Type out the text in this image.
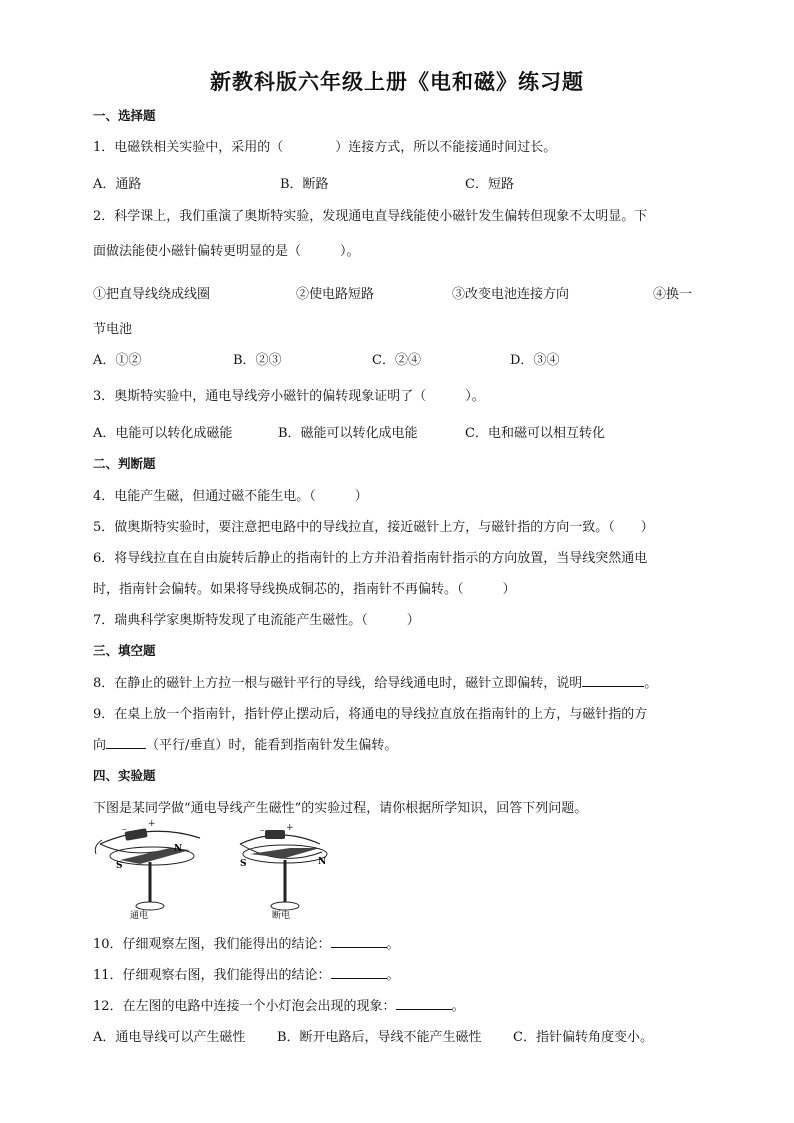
新教科版六年级上册《电和磁》练习题
一、选择题
1．电磁铁相关实验中，采用的（	）连接方式，所以不能接通时间过长。
A．通路	B．断路	C．短路
2．科学课上，我们重演了奥斯特实验，发现通电直导线能使小磁针发生偏转但现象不太明显。下
面做法能使小磁针偏转更明显的是（　　　）。
①把直导线绕成线圈	②使电路短路	③改变电池连接方向	④换一
节电池
A．①②	B．②③	C．②④	D．③④
3．奥斯特实验中，通电导线旁小磁针的偏转现象证明了（　　　）。
A．电能可以转化成磁能	B．磁能可以转化成电能	C．电和磁可以相互转化
二、判断题
4．电能产生磁，但通过磁不能生电。（　　　）
5．做奥斯特实验时，要注意把电路中的导线拉直，接近磁针上方，与磁针指的方向一致。（　　）
6．将导线拉直在自由旋转后静止的指南针的上方并沿着指南针指示的方向放置，当导线突然通电
时，指南针会偏转。如果将导线换成铜芯的，指南针不再偏转。（　　　）
7．瑞典科学家奥斯特发现了电流能产生磁性。（　　　）
三、填空题
8．在静止的磁针上方拉一根与磁针平行的导线，给导线通电时，磁针立即偏转，说明	。
9．在桌上放一个指南针，指针停止摆动后，将通电的导线拉直放在指南针的上方，与磁针指的方
向	（平行/垂直）时，能看到指南针发生偏转。
四、实验题
下图是某同学做“通电导线产生磁性”的实验过程，请你根据所学知识，回答下列问题。
–
+
S
N
通电
– +
S	N
断电
10．仔细观察左图，我们能得出的结论：	。
11．仔细观察右图，我们能得出的结论：	。
12．在左图的电路中连接一个小灯泡会出现的现象：	。
A．通电导线可以产生磁性 B．断开电路后，导线不能产生磁性 C．指针偏转角度变小。
